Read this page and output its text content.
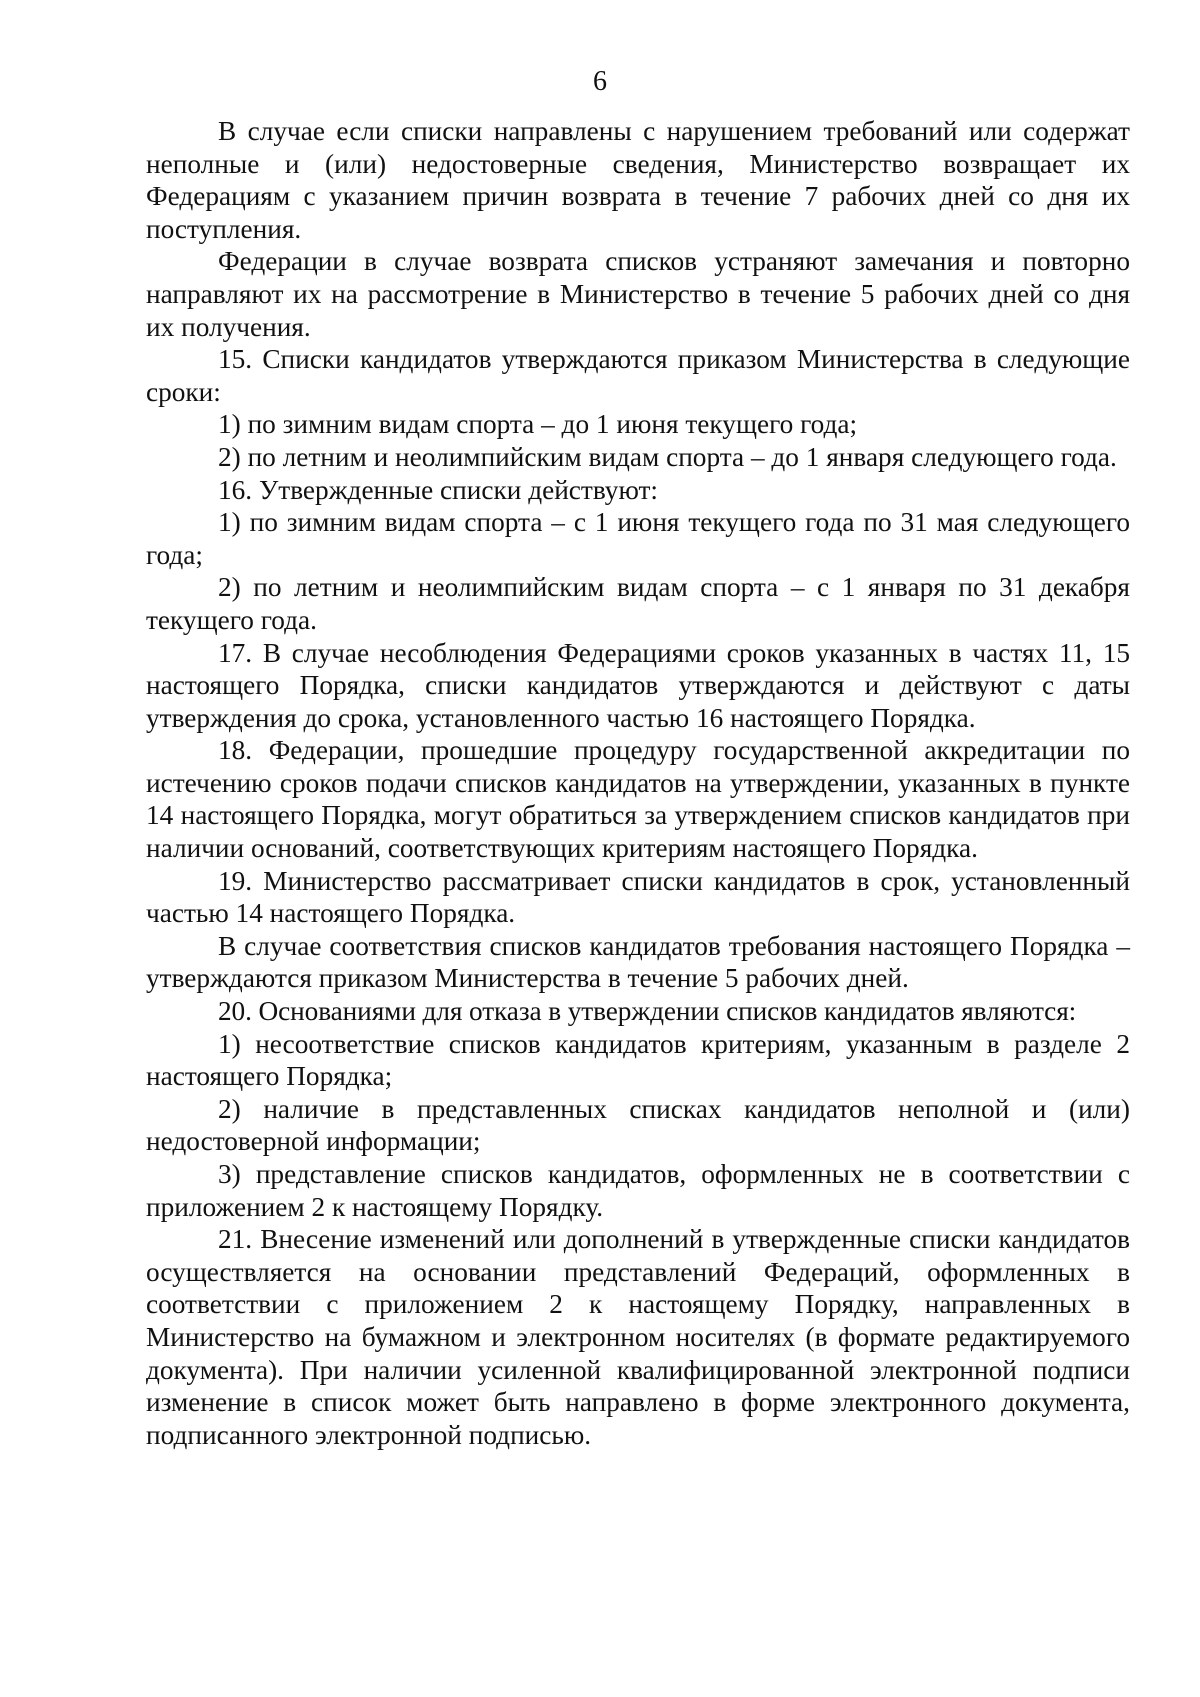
6

В случае если списки направлены с нарушением требований или содержат неполные и (или) недостоверные сведения, Министерство возвращает их Федерациям с указанием причин возврата в течение 7 рабочих дней со дня их поступления.

Федерации в случае возврата списков устраняют замечания и повторно направляют их на рассмотрение в Министерство в течение 5 рабочих дней со дня их получения.

15. Списки кандидатов утверждаются приказом Министерства в следующие сроки:

1) по зимним видам спорта – до 1 июня текущего года;

2) по летним и неолимпийским видам спорта – до 1 января следующего года.

16. Утвержденные списки действуют:

1) по зимним видам спорта – с 1 июня текущего года по 31 мая следующего года;

2) по летним и неолимпийским видам спорта – с 1 января по 31 декабря текущего года.

17. В случае несоблюдения Федерациями сроков указанных в частях 11, 15 настоящего Порядка, списки кандидатов утверждаются и действуют с даты утверждения до срока, установленного частью 16 настоящего Порядка.

18. Федерации, прошедшие процедуру государственной аккредитации по истечению сроков подачи списков кандидатов на утверждении, указанных в пункте 14 настоящего Порядка, могут обратиться за утверждением списков кандидатов при наличии оснований, соответствующих критериям настоящего Порядка.

19. Министерство рассматривает списки кандидатов в срок, установленный частью 14 настоящего Порядка.

В случае соответствия списков кандидатов требования настоящего Порядка – утверждаются приказом Министерства в течение 5 рабочих дней.

20. Основаниями для отказа в утверждении списков кандидатов являются:

1) несоответствие списков кандидатов критериям, указанным в разделе 2 настоящего Порядка;

2) наличие в представленных списках кандидатов неполной и (или) недостоверной информации;

3) представление списков кандидатов, оформленных не в соответствии с приложением 2 к настоящему Порядку.

21. Внесение изменений или дополнений в утвержденные списки кандидатов осуществляется на основании представлений Федераций, оформленных в соответствии с приложением 2 к настоящему Порядку, направленных в Министерство на бумажном и электронном носителях (в формате редактируемого документа). При наличии усиленной квалифицированной электронной подписи изменение в список может быть направлено в форме электронного документа, подписанного электронной подписью.
